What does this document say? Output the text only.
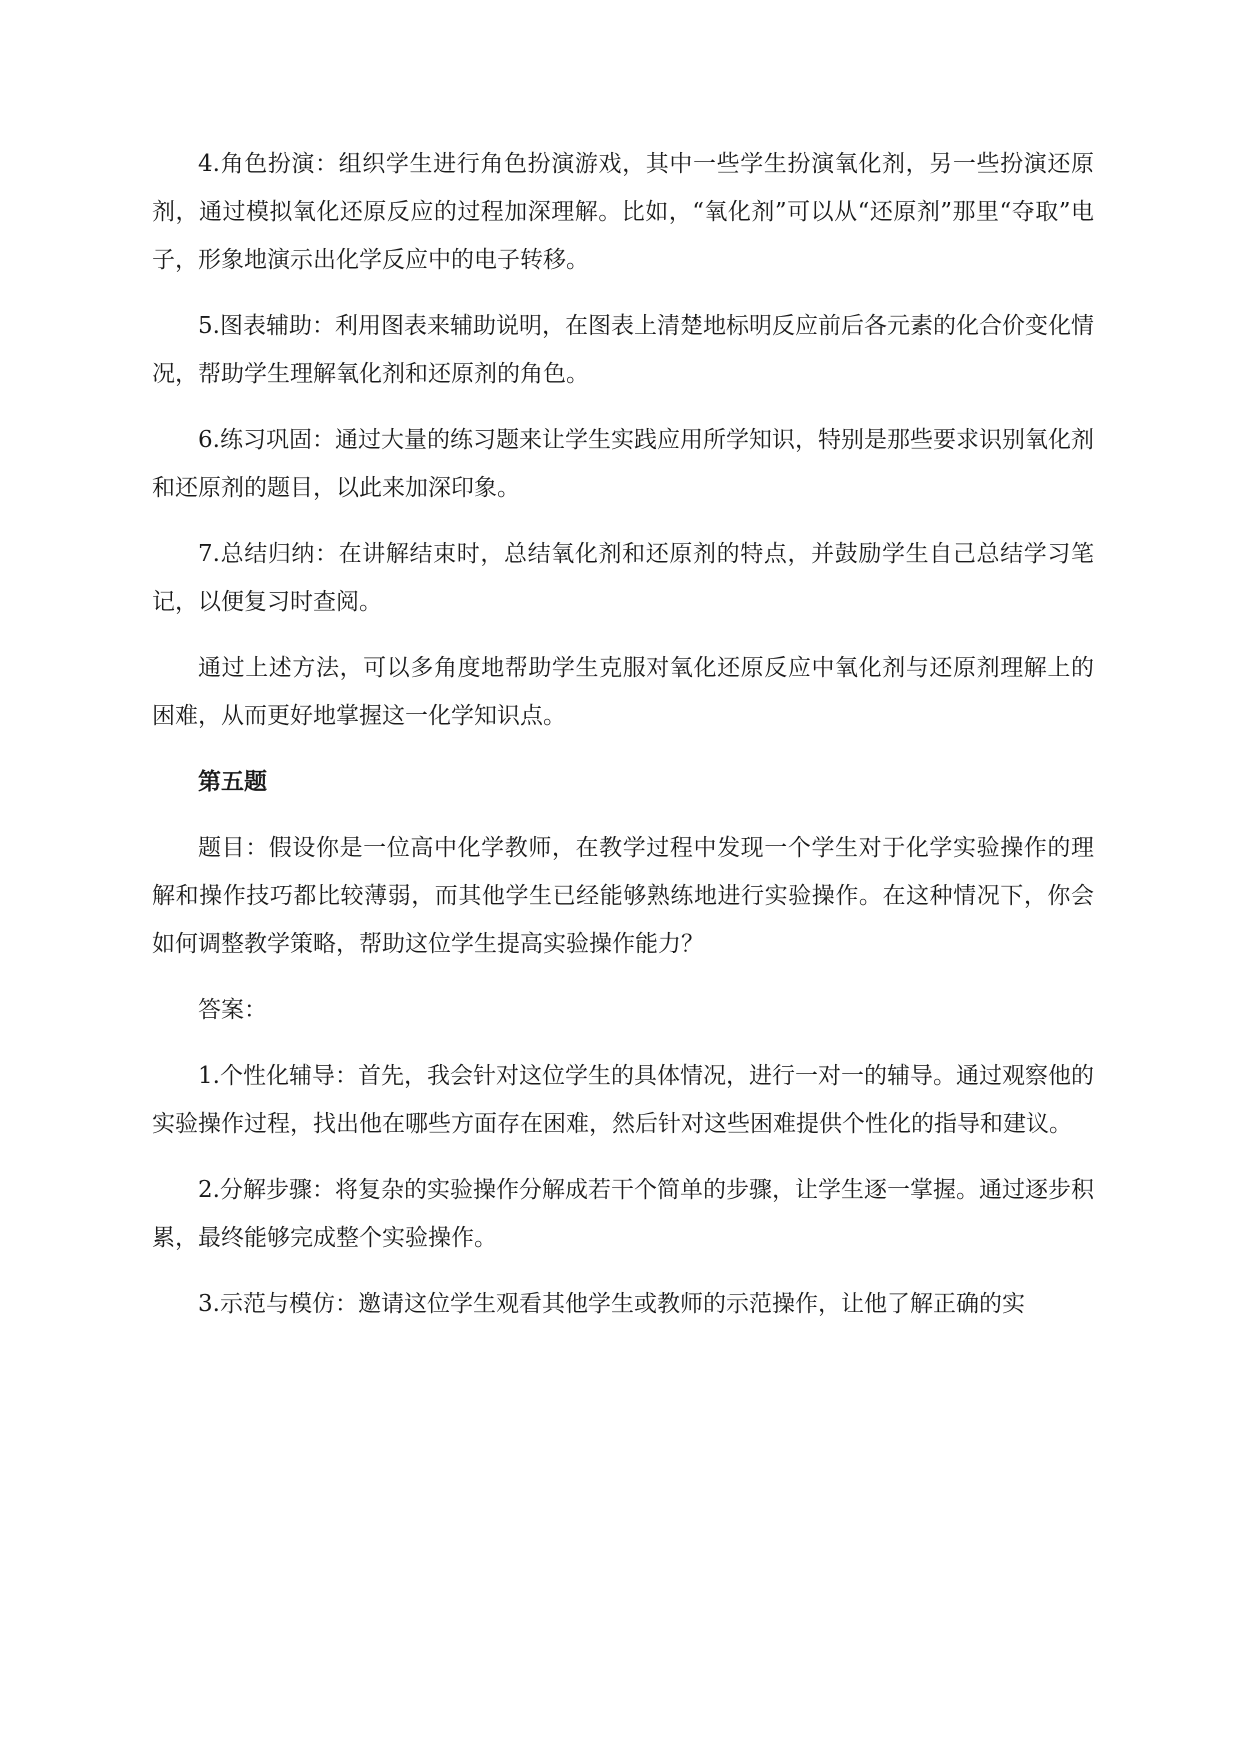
4.角色扮演：组织学生进行角色扮演游戏，其中一些学生扮演氧化剂，另一些扮演还原剂，通过模拟氧化还原反应的过程加深理解。比如，“氧化剂”可以从“还原剂”那里“夺取”电子，形象地演示出化学反应中的电子转移。

5.图表辅助：利用图表来辅助说明，在图表上清楚地标明反应前后各元素的化合价变化情况，帮助学生理解氧化剂和还原剂的角色。

6.练习巩固：通过大量的练习题来让学生实践应用所学知识，特别是那些要求识别氧化剂和还原剂的题目，以此来加深印象。

7.总结归纳：在讲解结束时，总结氧化剂和还原剂的特点，并鼓励学生自己总结学习笔记，以便复习时查阅。

通过上述方法，可以多角度地帮助学生克服对氧化还原反应中氧化剂与还原剂理解上的困难，从而更好地掌握这一化学知识点。

第五题

题目：假设你是一位高中化学教师，在教学过程中发现一个学生对于化学实验操作的理解和操作技巧都比较薄弱，而其他学生已经能够熟练地进行实验操作。在这种情况下，你会如何调整教学策略，帮助这位学生提高实验操作能力？

答案：

1.个性化辅导：首先，我会针对这位学生的具体情况，进行一对一的辅导。通过观察他的实验操作过程，找出他在哪些方面存在困难，然后针对这些困难提供个性化的指导和建议。

2.分解步骤：将复杂的实验操作分解成若干个简单的步骤，让学生逐一掌握。通过逐步积累，最终能够完成整个实验操作。

3.示范与模仿：邀请这位学生观看其他学生或教师的示范操作，让他了解正确的实
